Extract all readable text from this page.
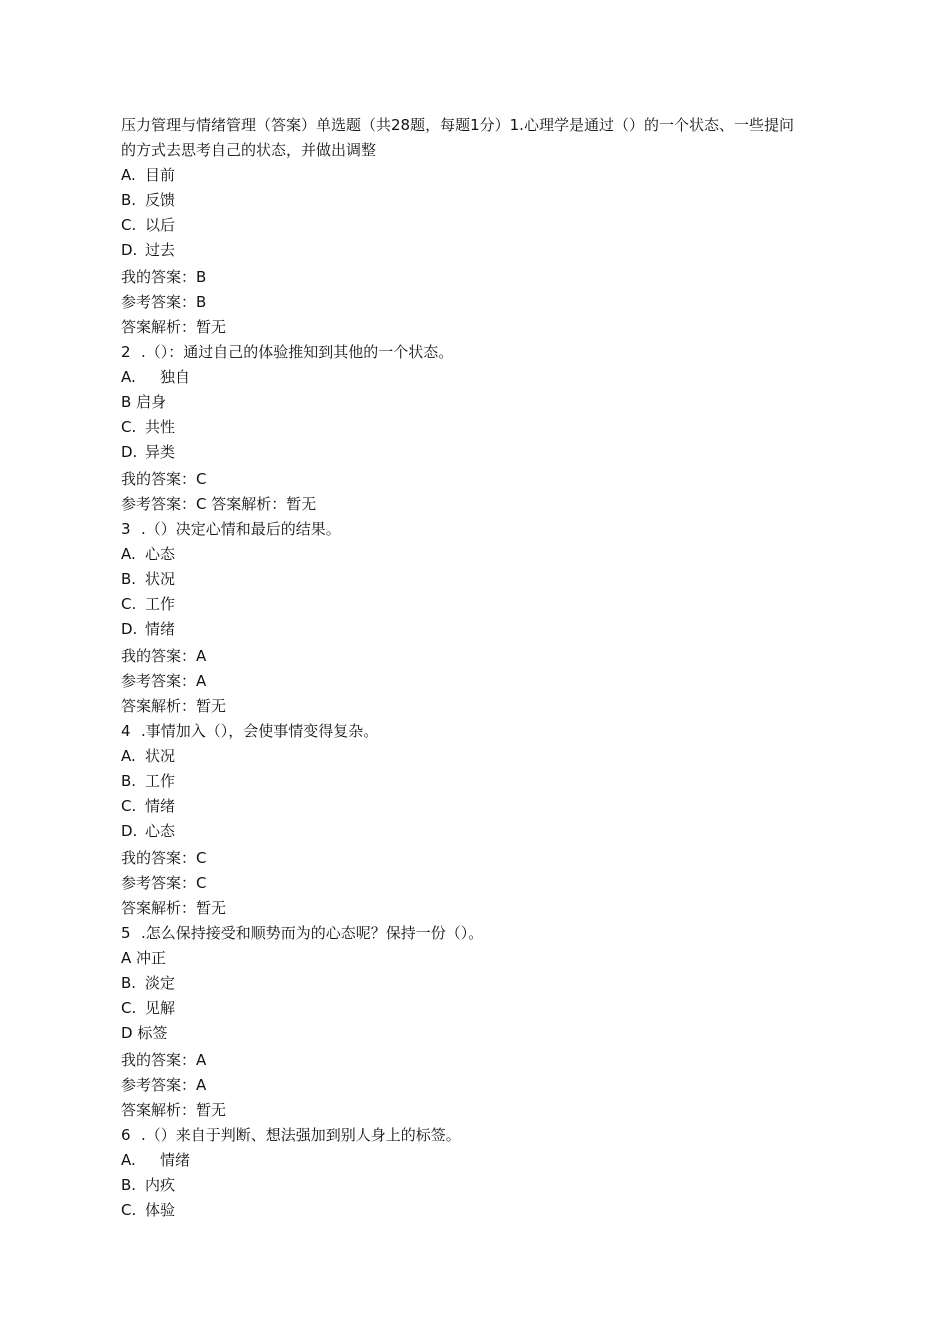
压力管理与情绪管理（答案）单选题（共28题，每题1分）1.心理学是通过（）的一个状态、一些提问的方式去思考自己的状态，并做出调整
A. 目前
B. 反馈
C. 以后
D. 过去
我的答案：B
参考答案：B
答案解析：暂无
2 .（）：通过自己的体验推知到其他的一个状态。
A. 独自
B 启身
C. 共性
D. 异类
我的答案：C
参考答案：C 答案解析：暂无
3 .（）决定心情和最后的结果。
A. 心态
B. 状况
C. 工作
D. 情绪
我的答案：A
参考答案：A
答案解析：暂无
4 .事情加入（），会使事情变得复杂。
A. 状况
B. 工作
C. 情绪
D. 心态
我的答案：C
参考答案：C
答案解析：暂无
5 .怎么保持接受和顺势而为的心态呢？保持一份（）。
A 冲正
B. 淡定
C. 见解
D 标签
我的答案：A
参考答案：A
答案解析：暂无
6 .（）来自于判断、想法强加到别人身上的标签。
A. 情绪
B. 内疚
C. 体验
